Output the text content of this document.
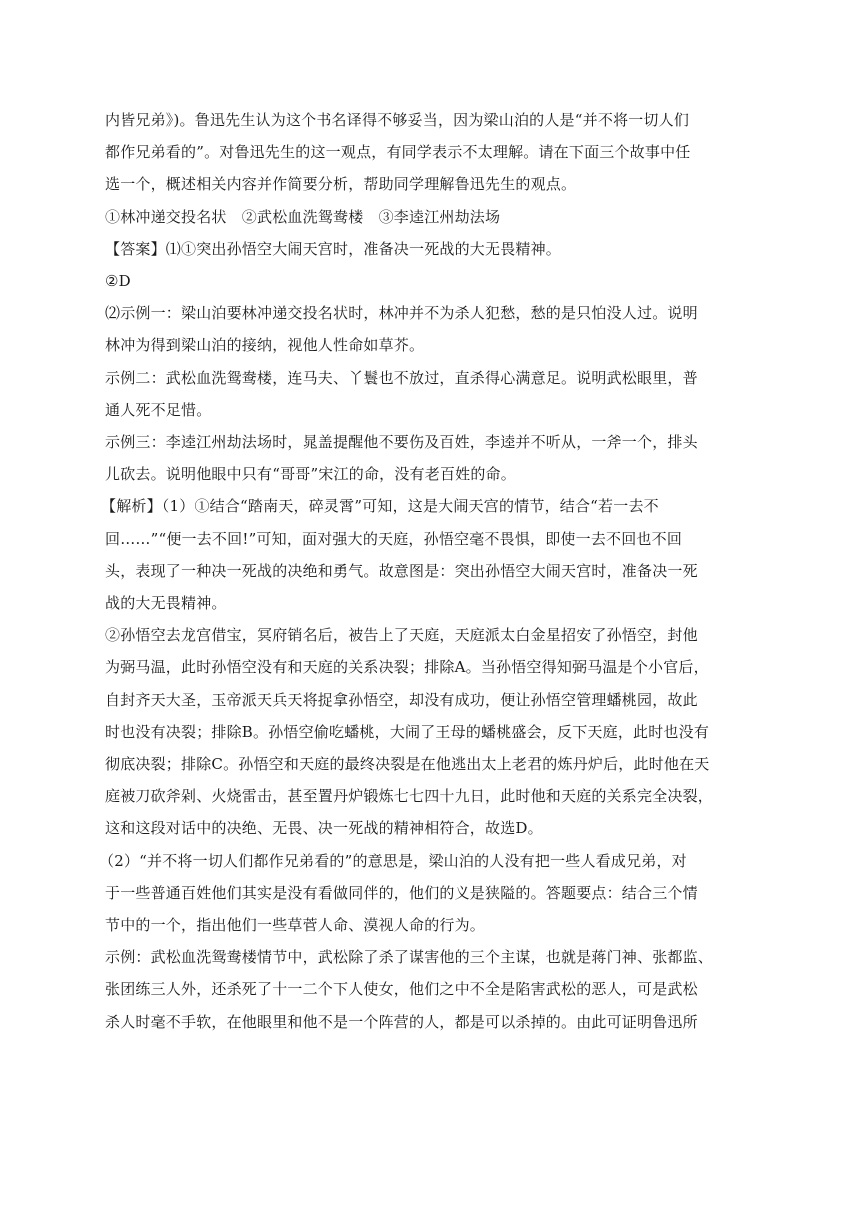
内皆兄弟》)。鲁迅先生认为这个书名译得不够妥当，因为梁山泊的人是“并不将一切人们
都作兄弟看的”。对鲁迅先生的这一观点，有同学表示不太理解。请在下面三个故事中任
选一个，概述相关内容并作简要分析，帮助同学理解鲁迅先生的观点。

①林冲递交投名状　②武松血洗鸳鸯楼　③李逵江州劫法场

【答案】⑴①突出孙悟空大闹天宫时，准备决一死战的大无畏精神。

②D

⑵示例一：梁山泊要林冲递交投名状时，林冲并不为杀人犯愁，愁的是只怕没人过。说明
林冲为得到梁山泊的接纳，视他人性命如草芥。

示例二：武松血洗鸳鸯楼，连马夫、丫鬟也不放过，直杀得心满意足。说明武松眼里，普
通人死不足惜。

示例三：李逵江州劫法场时，晁盖提醒他不要伤及百姓，李逵并不听从，一斧一个，排头
儿砍去。说明他眼中只有“哥哥”宋江的命，没有老百姓的命。

【解析】（1）①结合“踏南天，碎灵霄”可知，这是大闹天宫的情节，结合“若一去不
回……”“便一去不回!”可知，面对强大的天庭，孙悟空毫不畏惧，即使一去不回也不回
头，表现了一种决一死战的决绝和勇气。故意图是：突出孙悟空大闹天宫时，准备决一死
战的大无畏精神。

②孙悟空去龙宫借宝，冥府销名后，被告上了天庭，天庭派太白金星招安了孙悟空，封他
为弼马温，此时孙悟空没有和天庭的关系决裂；排除A。当孙悟空得知弼马温是个小官后，
自封齐天大圣，玉帝派天兵天将捉拿孙悟空，却没有成功，便让孙悟空管理蟠桃园，故此
时也没有决裂；排除B。孙悟空偷吃蟠桃，大闹了王母的蟠桃盛会，反下天庭，此时也没有
彻底决裂；排除C。孙悟空和天庭的最终决裂是在他逃出太上老君的炼丹炉后，此时他在天
庭被刀砍斧剁、火烧雷击，甚至置丹炉锻炼七七四十九日，此时他和天庭的关系完全决裂，
这和这段对话中的决绝、无畏、决一死战的精神相符合，故选D。

（2）“并不将一切人们都作兄弟看的”的意思是，梁山泊的人没有把一些人看成兄弟，对
于一些普通百姓他们其实是没有看做同伴的，他们的义是狭隘的。答题要点：结合三个情
节中的一个，指出他们一些草菅人命、漠视人命的行为。

示例：武松血洗鸳鸯楼情节中，武松除了杀了谋害他的三个主谋，也就是蒋门神、张都监、
张团练三人外，还杀死了十一二个下人使女，他们之中不全是陷害武松的恶人，可是武松
杀人时毫不手软，在他眼里和他不是一个阵营的人，都是可以杀掉的。由此可证明鲁迅所
